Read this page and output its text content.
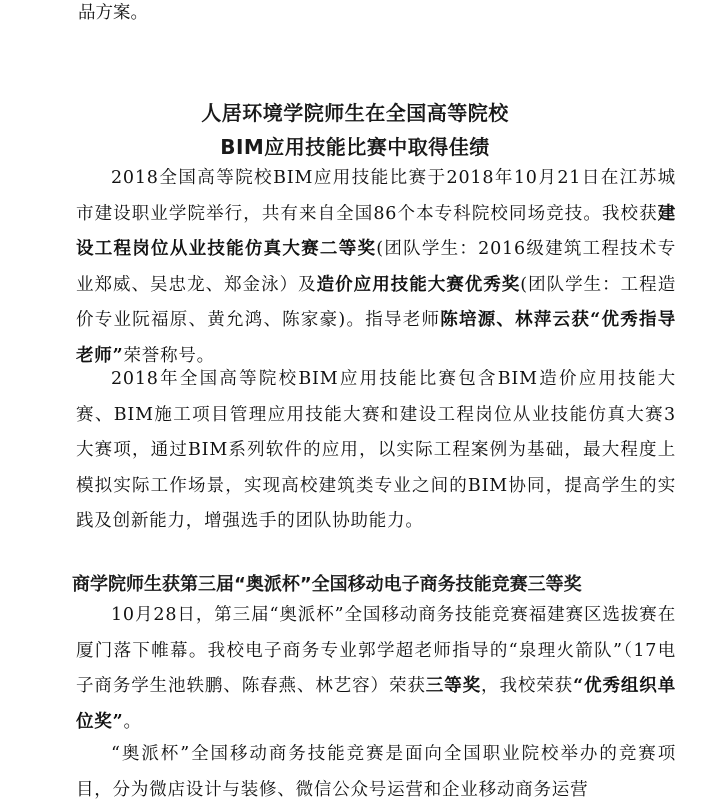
品方案。

人居环境学院师生在全国高等院校
BIM应用技能比赛中取得佳绩

2018全国高等院校BIM应用技能比赛于2018年10月21日在江苏城市建设职业学院举行，共有来自全国86个本专科院校同场竞技。我校获建设工程岗位从业技能仿真大赛二等奖(团队学生：2016级建筑工程技术专业郑威、吴忠龙、郑金泳）及造价应用技能大赛优秀奖(团队学生：工程造价专业阮福原、黄允鸿、陈家豪)。指导老师陈培源、林萍云获“优秀指导老师”荣誉称号。

2018年全国高等院校BIM应用技能比赛包含BIM造价应用技能大赛、BIM施工项目管理应用技能大赛和建设工程岗位从业技能仿真大赛3大赛项，通过BIM系列软件的应用，以实际工程案例为基础，最大程度上模拟实际工作场景，实现高校建筑类专业之间的BIM协同，提高学生的实践及创新能力，增强选手的团队协助能力。

商学院师生获第三届“奥派杯”全国移动电子商务技能竞赛三等奖

10月28日，第三届“奥派杯”全国移动商务技能竞赛福建赛区选拔赛在厦门落下帷幕。我校电子商务专业郭学超老师指导的“泉理火箭队”（17电子商务学生池轶鹏、陈春燕、林艺容）荣获三等奖，我校荣获“优秀组织单位奖”。

“奥派杯”全国移动商务技能竞赛是面向全国职业院校举办的竞赛项目，分为微店设计与装修、微信公众号运营和企业移动商务运营
